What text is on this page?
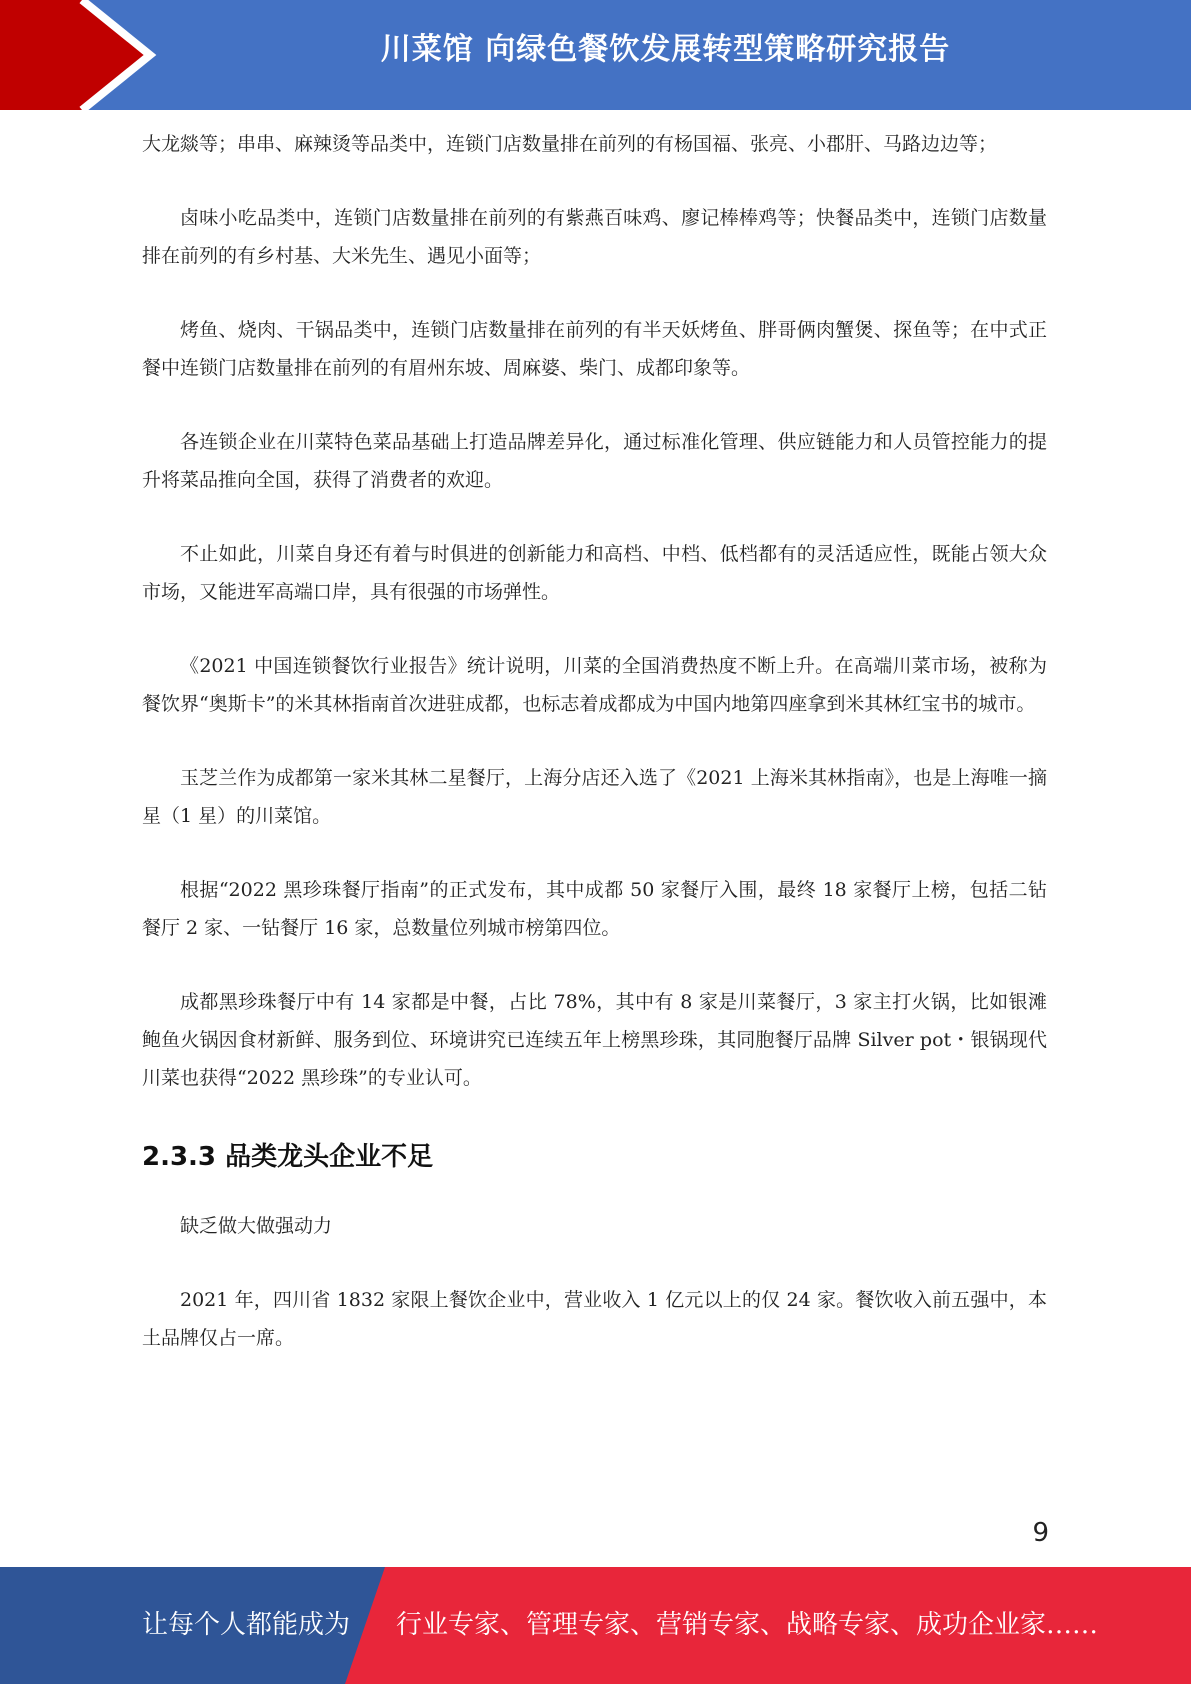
川菜馆 向绿色餐饮发展转型策略研究报告

大龙燚等；串串、麻辣烫等品类中，连锁门店数量排在前列的有杨国福、张亮、小郡肝、马路边边等；

卤味小吃品类中，连锁门店数量排在前列的有紫燕百味鸡、廖记棒棒鸡等；快餐品类中，连锁门店数量排在前列的有乡村基、大米先生、遇见小面等；

烤鱼、烧肉、干锅品类中，连锁门店数量排在前列的有半天妖烤鱼、胖哥俩肉蟹煲、探鱼等；在中式正餐中连锁门店数量排在前列的有眉州东坡、周麻婆、柴门、成都印象等。

各连锁企业在川菜特色菜品基础上打造品牌差异化，通过标准化管理、供应链能力和人员管控能力的提升将菜品推向全国，获得了消费者的欢迎。

不止如此，川菜自身还有着与时俱进的创新能力和高档、中档、低档都有的灵活适应性，既能占领大众市场，又能进军高端口岸，具有很强的市场弹性。

《2021 中国连锁餐饮行业报告》统计说明，川菜的全国消费热度不断上升。在高端川菜市场，被称为餐饮界“奥斯卡”的米其林指南首次进驻成都，也标志着成都成为中国内地第四座拿到米其林红宝书的城市。

玉芝兰作为成都第一家米其林二星餐厅，上海分店还入选了《2021 上海米其林指南》，也是上海唯一摘星（1 星）的川菜馆。

根据“2022 黑珍珠餐厅指南”的正式发布，其中成都 50 家餐厅入围，最终 18 家餐厅上榜，包括二钻餐厅 2 家、一钻餐厅 16 家，总数量位列城市榜第四位。

成都黑珍珠餐厅中有 14 家都是中餐，占比 78%，其中有 8 家是川菜餐厅，3 家主打火锅，比如银滩鲍鱼火锅因食材新鲜、服务到位、环境讲究已连续五年上榜黑珍珠，其同胞餐厅品牌 Silver pot・银锅现代川菜也获得“2022 黑珍珠”的专业认可。

2.3.3 品类龙头企业不足

缺乏做大做强动力

2021 年，四川省 1832 家限上餐饮企业中，营业收入 1 亿元以上的仅 24 家。餐饮收入前五强中，本土品牌仅占一席。

9
让每个人都能成为 行业专家、管理专家、营销专家、战略专家、成功企业家……
